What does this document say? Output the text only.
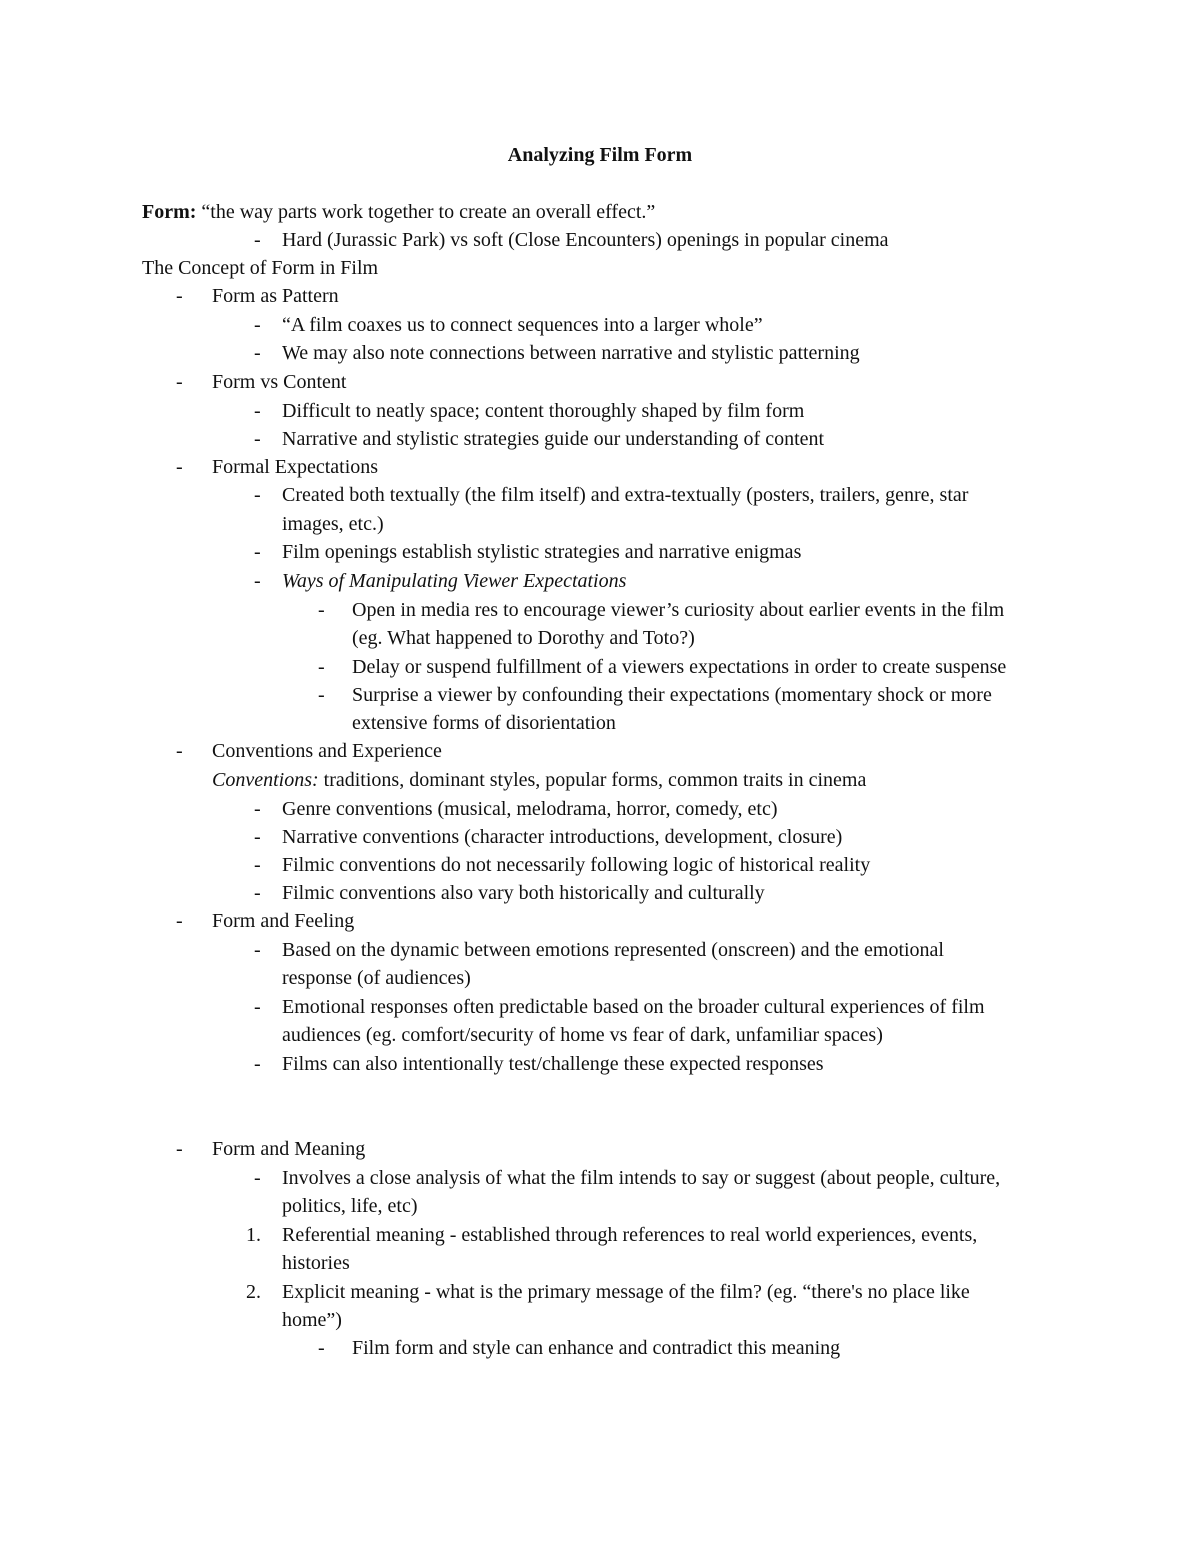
Analyzing Film Form
Form: “the way parts work together to create an overall effect.”
- Hard (Jurassic Park) vs soft (Close Encounters) openings in popular cinema
The Concept of Form in Film
- Form as Pattern
- “A film coaxes us to connect sequences into a larger whole”
- We may also note connections between narrative and stylistic patterning
- Form vs Content
- Difficult to neatly space; content thoroughly shaped by film form
- Narrative and stylistic strategies guide our understanding of content
- Formal Expectations
- Created both textually (the film itself) and extra-textually (posters, trailers, genre, star
images, etc.)
- Film openings establish stylistic strategies and narrative enigmas
- Ways of Manipulating Viewer Expectations
- Open in media res to encourage viewer’s curiosity about earlier events in the film
(eg. What happened to Dorothy and Toto?)
- Delay or suspend fulfillment of a viewers expectations in order to create suspense
- Surprise a viewer by confounding their expectations (momentary shock or more
extensive forms of disorientation
- Conventions and Experience
Conventions: traditions, dominant styles, popular forms, common traits in cinema
- Genre conventions (musical, melodrama, horror, comedy, etc)
- Narrative conventions (character introductions, development, closure)
- Filmic conventions do not necessarily following logic of historical reality
- Filmic conventions also vary both historically and culturally
- Form and Feeling
- Based on the dynamic between emotions represented (onscreen) and the emotional
response (of audiences)
- Emotional responses often predictable based on the broader cultural experiences of film
audiences (eg. comfort/security of home vs fear of dark, unfamiliar spaces)
- Films can also intentionally test/challenge these expected responses
- Form and Meaning
- Involves a close analysis of what the film intends to say or suggest (about people, culture,
politics, life, etc)
1. Referential meaning - established through references to real world experiences, events,
histories
2. Explicit meaning - what is the primary message of the film? (eg. “there's no place like
home”)
- Film form and style can enhance and contradict this meaning
